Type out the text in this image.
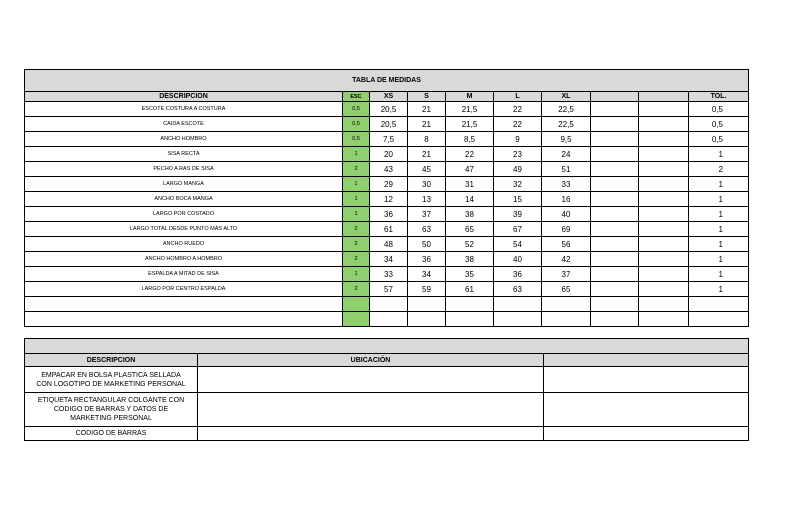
TABLA DE MEDIDAS									
DESCRIPCION	ESC	XS	S	M	L	XL			TOL.
ESCOTE COSTURA A COSTURA	0,5	20,5	21	21,5	22	22,5			0,5
CAIDA ESCOTE	0,5	20,5	21	21,5	22	22,5			0,5
ANCHO HOMBRO	0,5	7,5	8	8,5	9	9,5			0,5
SISA RECTA	1	20	21	22	23	24			1
PECHO A RAS DE SISA	2	43	45	47	49	51			2
LARGO MANGA	1	29	30	31	32	33			1
ANCHO BOCA MANGA	1	12	13	14	15	16			1
LARGO POR COSTADO	1	36	37	38	39	40			1
LARGO TOTAL DESDE PUNTO MÁS ALTO	2	61	63	65	67	69			1
ANCHO RUEDO	2	48	50	52	54	56			1
ANCHO HOMBRO A HOMBRO	2	34	36	38	40	42			1
ESPALDA A MITAD DE SISA	1	33	34	35	36	37			1
LARGO POR CENTRO ESPALDA	2	57	59	61	63	65			1

DESCRIPCION	UBICACIÓN	
EMPACAR EN BOLSA PLASTICA SELLADA CON LOGOTIPO DE MARKETING PERSONAL		
ETIQUETA RECTANGULAR COLGANTE CON CODIGO DE BARRAS Y DATOS DE MARKETING PERSONAL		
CODIGO DE BARRAS		
